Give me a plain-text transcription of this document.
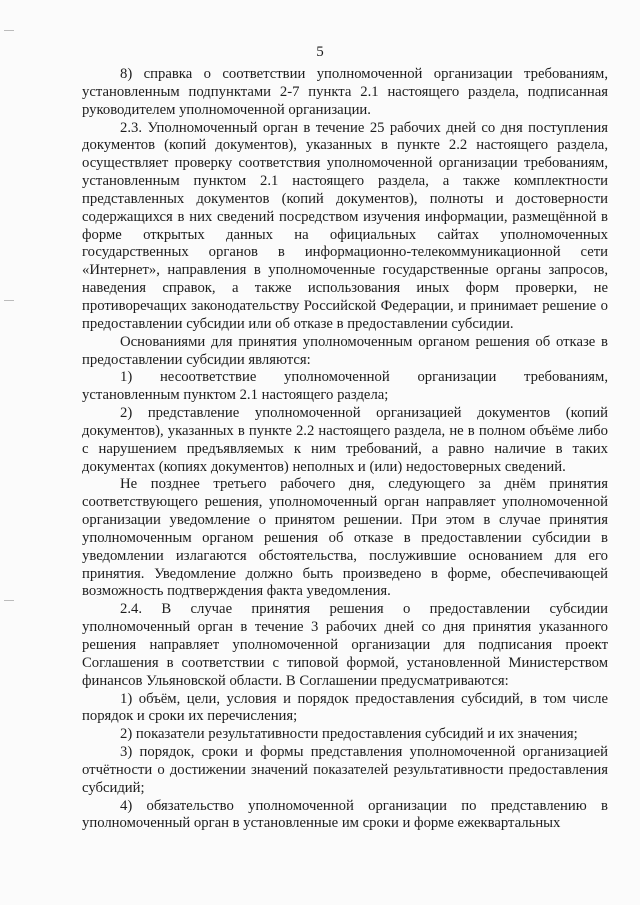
5

8) справка о соответствии уполномоченной организации требованиям, установленным подпунктами 2-7 пункта 2.1 настоящего раздела, подписанная руководителем уполномоченной организации.

2.3. Уполномоченный орган в течение 25 рабочих дней со дня поступления документов (копий документов), указанных в пункте 2.2 настоящего раздела, осуществляет проверку соответствия уполномоченной организации требованиям, установленным пунктом 2.1 настоящего раздела, а также комплектности представленных документов (копий документов), полноты и достоверности содержащихся в них сведений посредством изучения информации, размещённой в форме открытых данных на официальных сайтах уполномоченных государственных органов в информационно-телекоммуникационной сети «Интернет», направления в уполномоченные государственные органы запросов, наведения справок, а также использования иных форм проверки, не противоречащих законодательству Российской Федерации, и принимает решение о предоставлении субсидии или об отказе в предоставлении субсидии.

Основаниями для принятия уполномоченным органом решения об отказе в предоставлении субсидии являются:

1) несоответствие уполномоченной организации требованиям, установленным пунктом 2.1 настоящего раздела;

2) представление уполномоченной организацией документов (копий документов), указанных в пункте 2.2 настоящего раздела, не в полном объёме либо с нарушением предъявляемых к ним требований, а равно наличие в таких документах (копиях документов) неполных и (или) недостоверных сведений.

Не позднее третьего рабочего дня, следующего за днём принятия соответствующего решения, уполномоченный орган направляет уполномоченной организации уведомление о принятом решении. При этом в случае принятия уполномоченным органом решения об отказе в предоставлении субсидии в уведомлении излагаются обстоятельства, послужившие основанием для его принятия. Уведомление должно быть произведено в форме, обеспечивающей возможность подтверждения факта уведомления.

2.4. В случае принятия решения о предоставлении субсидии уполномоченный орган в течение 3 рабочих дней со дня принятия указанного решения направляет уполномоченной организации для подписания проект Соглашения в соответствии с типовой формой, установленной Министерством финансов Ульяновской области. В Соглашении предусматриваются:

1) объём, цели, условия и порядок предоставления субсидий, в том числе порядок и сроки их перечисления;

2) показатели результативности предоставления субсидий и их значения;

3) порядок, сроки и формы представления уполномоченной организацией отчётности о достижении значений показателей результативности предоставления субсидий;

4) обязательство уполномоченной организации по представлению в уполномоченный орган в установленные им сроки и форме ежеквартальных
